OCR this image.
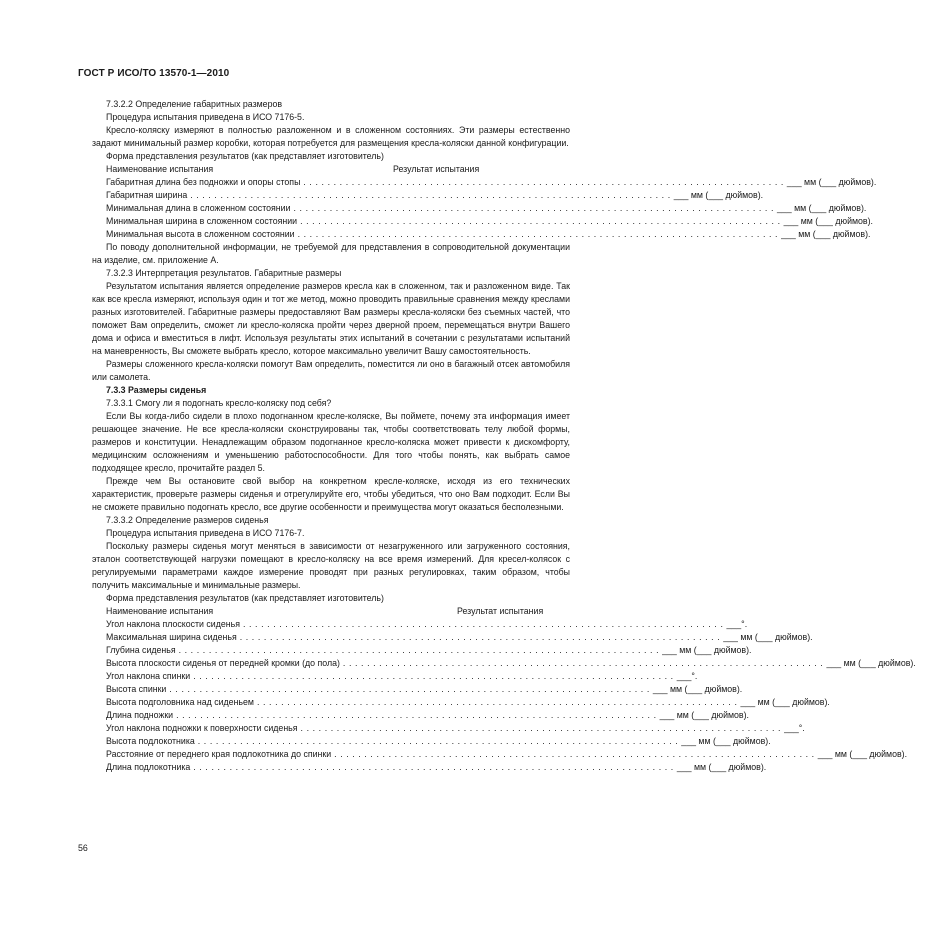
ГОСТ Р ИСО/ТО 13570-1—2010

7.3.2.2 Определение габаритных размеров

Процедура испытания приведена в ИСО 7176-5.

Кресло-коляску измеряют в полностью разложенном и в сложенном состояниях. Эти размеры естественно задают минимальный размер коробки, которая потребуется для размещения кресла-коляски данной конфигурации.

Форма представления результатов (как представляет изготовитель)

Наименование испытания	Результат испытания
Габаритная длина без подножки и опоры стопы ................................................................................ ___ мм (___ дюймов).
Габаритная ширина ................................................................................ ___ мм (___ дюймов).
Минимальная длина в сложенном состоянии ................................................................................ ___ мм (___ дюймов).
Минимальная ширина в сложенном состоянии ................................................................................ ___ мм (___ дюймов).
Минимальная высота в сложенном состоянии ................................................................................ ___ мм (___ дюймов).

По поводу дополнительной информации, не требуемой для представления в сопроводительной документации на изделие, см. приложение А.

7.3.2.3 Интерпретация результатов. Габаритные размеры

Результатом испытания является определение размеров кресла как в сложенном, так и разложенном виде. Так как все кресла измеряют, используя один и тот же метод, можно проводить правильные сравнения между креслами разных изготовителей. Габаритные размеры предоставляют Вам размеры кресла-коляски без съемных частей, что поможет Вам определить, сможет ли кресло-коляска пройти через дверной проем, перемещаться внутри Вашего дома и офиса и вместиться в лифт. Используя результаты этих испытаний в сочетании с результатами испытаний на маневренность, Вы сможете выбрать кресло, которое максимально увеличит Вашу самостоятельность.

Размеры сложенного кресла-коляски помогут Вам определить, поместится ли оно в багажный отсек автомобиля или самолета.

7.3.3 Размеры сиденья

7.3.3.1 Смогу ли я подогнать кресло-коляску под себя?

Если Вы когда-либо сидели в плохо подогнанном кресле-коляске, Вы поймете, почему эта информация имеет решающее значение. Не все кресла-коляски сконструированы так, чтобы соответствовать телу любой формы, размеров и конституции. Ненадлежащим образом подогнанное кресло-коляска может привести к дискомфорту, медицинским осложнениям и уменьшению работоспособности. Для того чтобы понять, как выбрать самое подходящее кресло, прочитайте раздел 5.

Прежде чем Вы остановите свой выбор на конкретном кресле-коляске, исходя из его технических характеристик, проверьте размеры сиденья и отрегулируйте его, чтобы убедиться, что оно Вам подходит. Если Вы не сможете правильно подогнать кресло, все другие особенности и преимущества могут оказаться бесполезными.

7.3.3.2 Определение размеров сиденья

Процедура испытания приведена в ИСО 7176-7.

Поскольку размеры сиденья могут меняться в зависимости от незагруженного или загруженного состояния, эталон соответствующей нагрузки помещают в кресло-коляску на все время измерений. Для кресел-колясок с регулируемыми параметрами каждое измерение проводят при разных регулировках, таким образом, чтобы получить максимальные и минимальные размеры.

Форма представления результатов (как представляет изготовитель)

Наименование испытания	Результат испытания
Угол наклона плоскости сиденья ................................................................................ ___°.
Максимальная ширина сиденья ................................................................................ ___ мм (___ дюймов).
Глубина сиденья ................................................................................ ___ мм (___ дюймов).
Высота плоскости сиденья от передней кромки (до пола) ................................................................................ ___ мм (___ дюймов).
Угол наклона спинки ................................................................................ ___°.
Высота спинки ................................................................................ ___ мм (___ дюймов).
Высота подголовника над сиденьем ................................................................................ ___ мм (___ дюймов).
Длина подножки ................................................................................ ___ мм (___ дюймов).
Угол наклона подножки к поверхности сиденья ................................................................................ ___°.
Высота подлокотника ................................................................................ ___ мм (___ дюймов).
Расстояние от переднего края подлокотника до спинки ................................................................................ ___ мм (___ дюймов).
Длина подлокотника ................................................................................ ___ мм (___ дюймов).
56
